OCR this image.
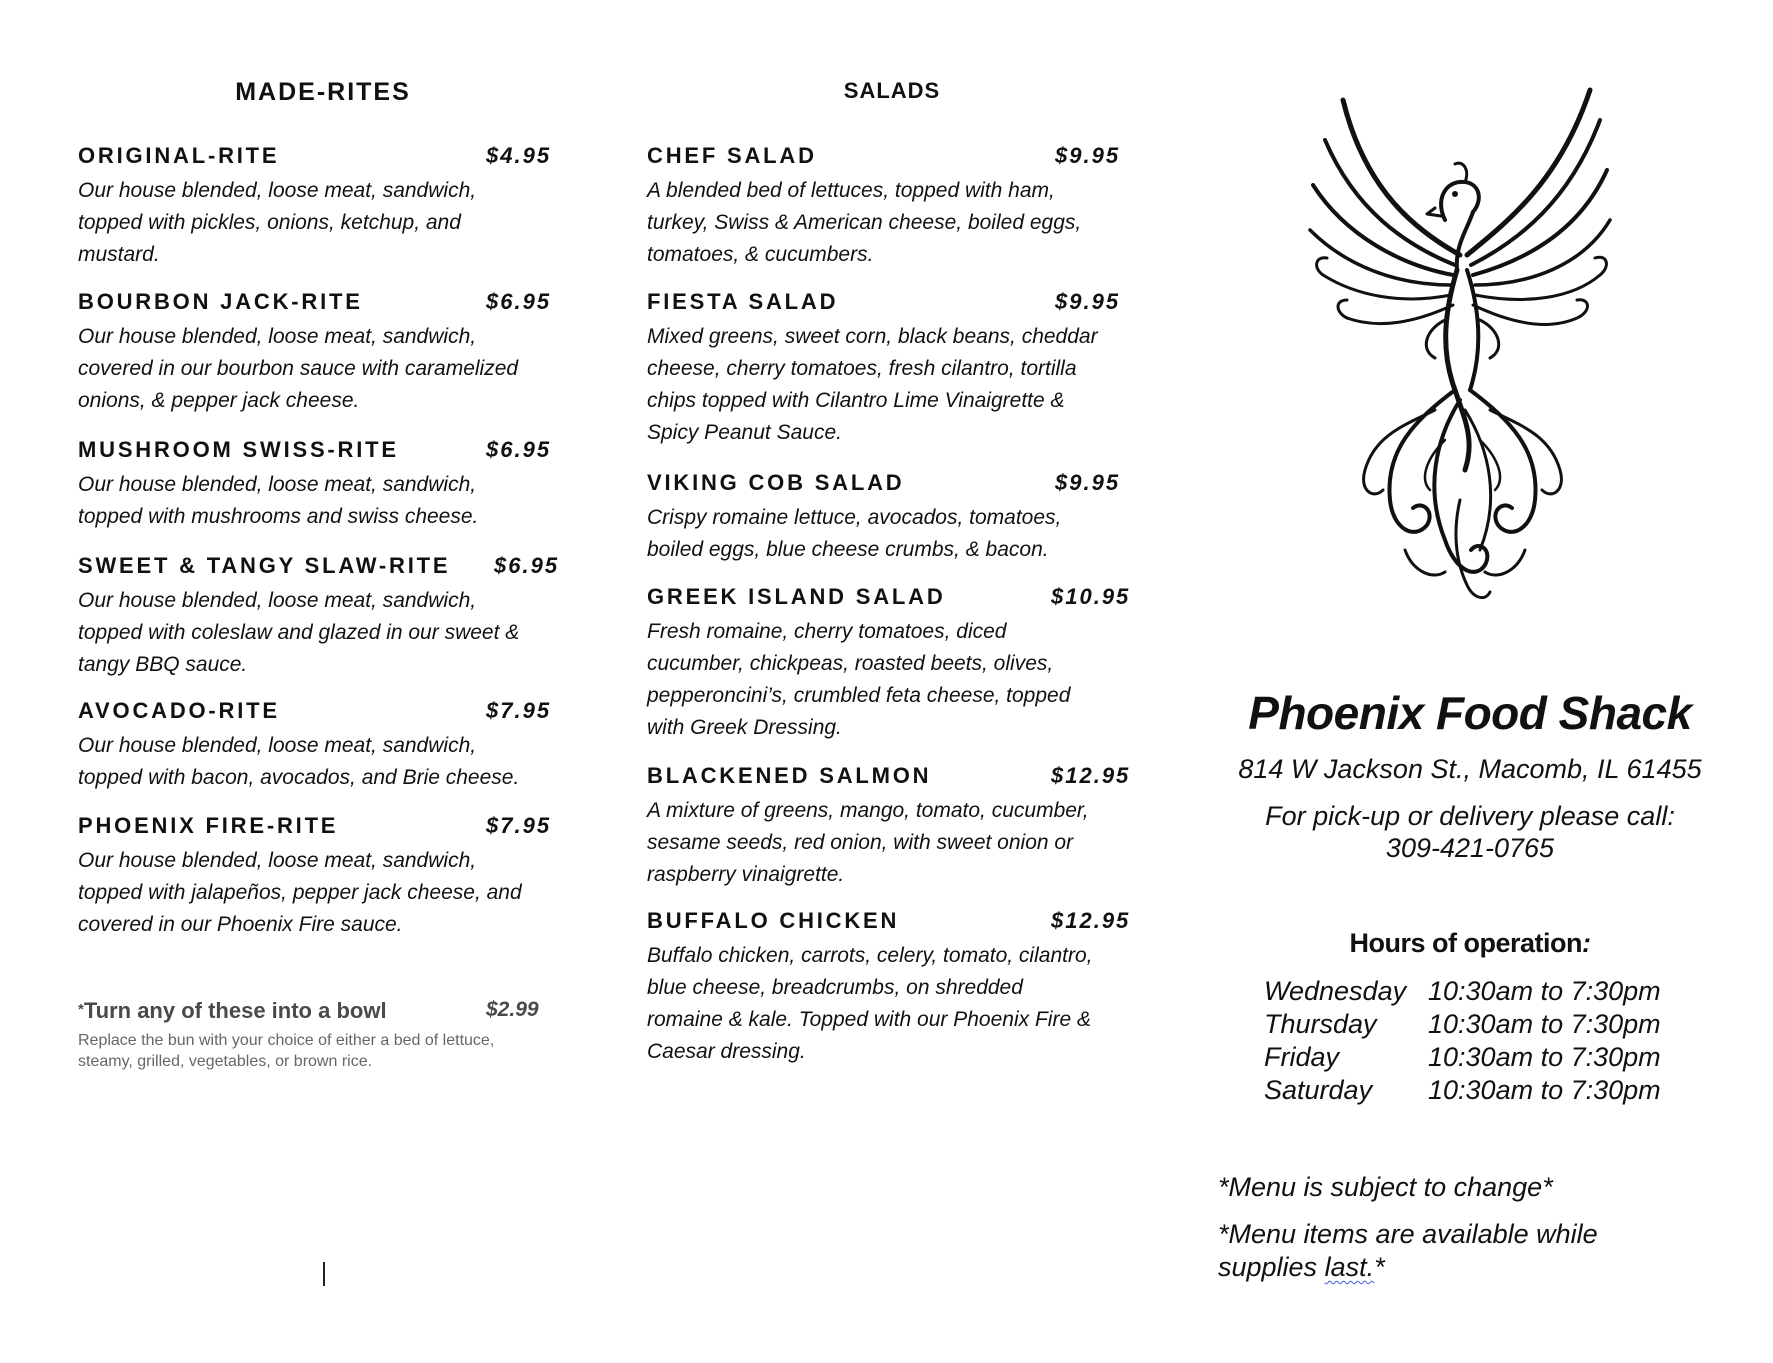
MADE-RITES
ORIGINAL-RITE	$4.95
Our house blended, loose meat, sandwich,
topped with pickles, onions, ketchup, and
mustard.
BOURBON JACK-RITE	$6.95
Our house blended, loose meat, sandwich,
covered in our bourbon sauce with caramelized
onions, & pepper jack cheese.
MUSHROOM SWISS-RITE	$6.95
Our house blended, loose meat, sandwich,
topped with mushrooms and swiss cheese.
SWEET & TANGY SLAW-RITE $6.95
Our house blended, loose meat, sandwich,
topped with coleslaw and glazed in our sweet &
tangy BBQ sauce.
AVOCADO-RITE	$7.95
Our house blended, loose meat, sandwich,
topped with bacon, avocados, and Brie cheese.
PHOENIX FIRE-RITE	$7.95
Our house blended, loose meat, sandwich,
topped with jalapeños, pepper jack cheese, and
covered in our Phoenix Fire sauce.
*Turn any of these into a bowl	$2.99
Replace the bun with your choice of either a bed of lettuce,
steamy, grilled, vegetables, or brown rice.
SALADS
CHEF SALAD	$9.95
A blended bed of lettuces, topped with ham,
turkey, Swiss & American cheese, boiled eggs,
tomatoes, & cucumbers.
FIESTA SALAD	$9.95
Mixed greens, sweet corn, black beans, cheddar
cheese, cherry tomatoes, fresh cilantro, tortilla
chips topped with Cilantro Lime Vinaigrette &
Spicy Peanut Sauce.
VIKING COB SALAD	$9.95
Crispy romaine lettuce, avocados, tomatoes,
boiled eggs, blue cheese crumbs, & bacon.
GREEK ISLAND SALAD	$10.95
Fresh romaine, cherry tomatoes, diced
cucumber, chickpeas, roasted beets, olives,
pepperoncini’s, crumbled feta cheese, topped
with Greek Dressing.
BLACKENED SALMON	$12.95
A mixture of greens, mango, tomato, cucumber,
sesame seeds, red onion, with sweet onion or
raspberry vinaigrette.
BUFFALO CHICKEN	$12.95
Buffalo chicken, carrots, celery, tomato, cilantro,
blue cheese, breadcrumbs, on shredded
romaine & kale. Topped with our Phoenix Fire &
Caesar dressing.
Phoenix Food Shack
814 W Jackson St., Macomb, IL 61455
For pick-up or delivery please call:
309-421-0765
Hours of operation:
Wednesday 10:30am to 7:30pm
Thursday 10:30am to 7:30pm
Friday	10:30am to 7:30pm
Saturday 10:30am to 7:30pm
*Menu is subject to change*
*Menu items are available while supplies last.*
